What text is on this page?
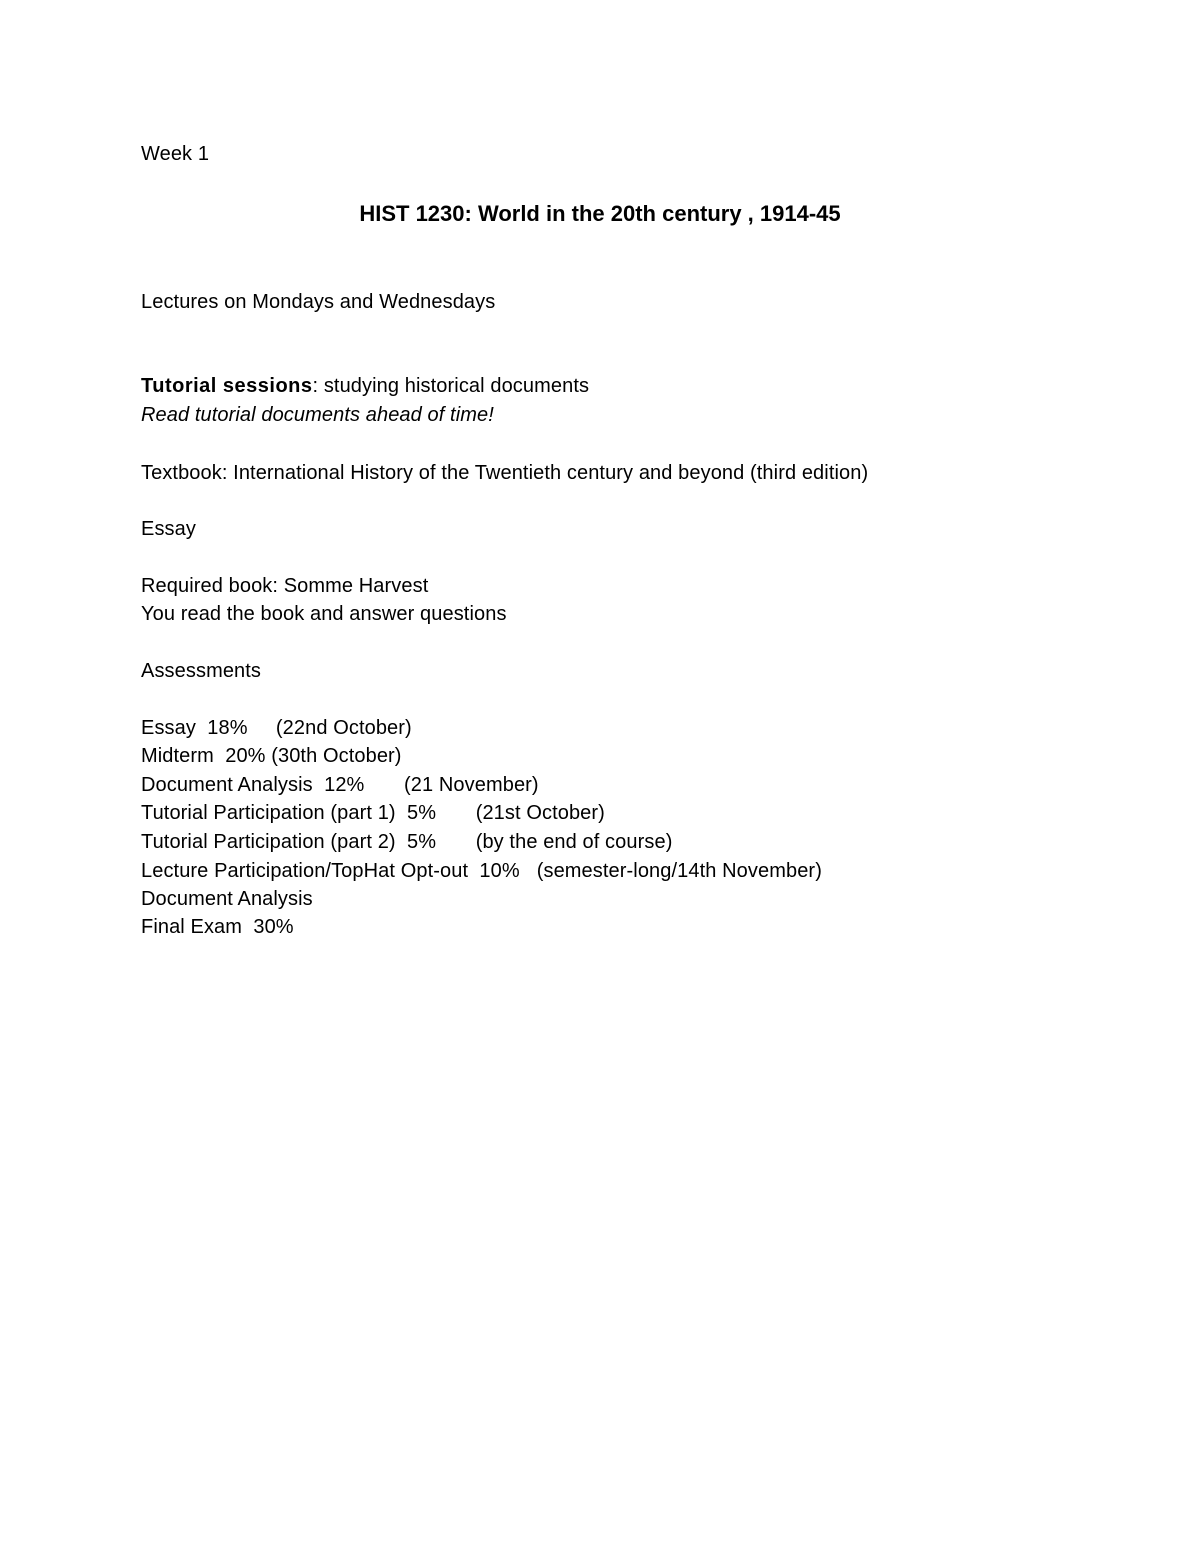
Week 1
HIST 1230: World in the 20th century , 1914-45
Lectures on Mondays and Wednesdays
Tutorial sessions: studying historical documents
Read tutorial documents ahead of time!
Textbook: International History of the Twentieth century and beyond (third edition)
Essay
Required book: Somme Harvest
You read the book and answer questions
Assessments
Essay  18%     (22nd October)
Midterm  20% (30th October)
Document Analysis  12%       (21 November)
Tutorial Participation (part 1)  5%       (21st October)
Tutorial Participation (part 2)  5%       (by the end of course)
Lecture Participation/TopHat Opt-out  10%   (semester-long/14th November)
Document Analysis
Final Exam  30%
